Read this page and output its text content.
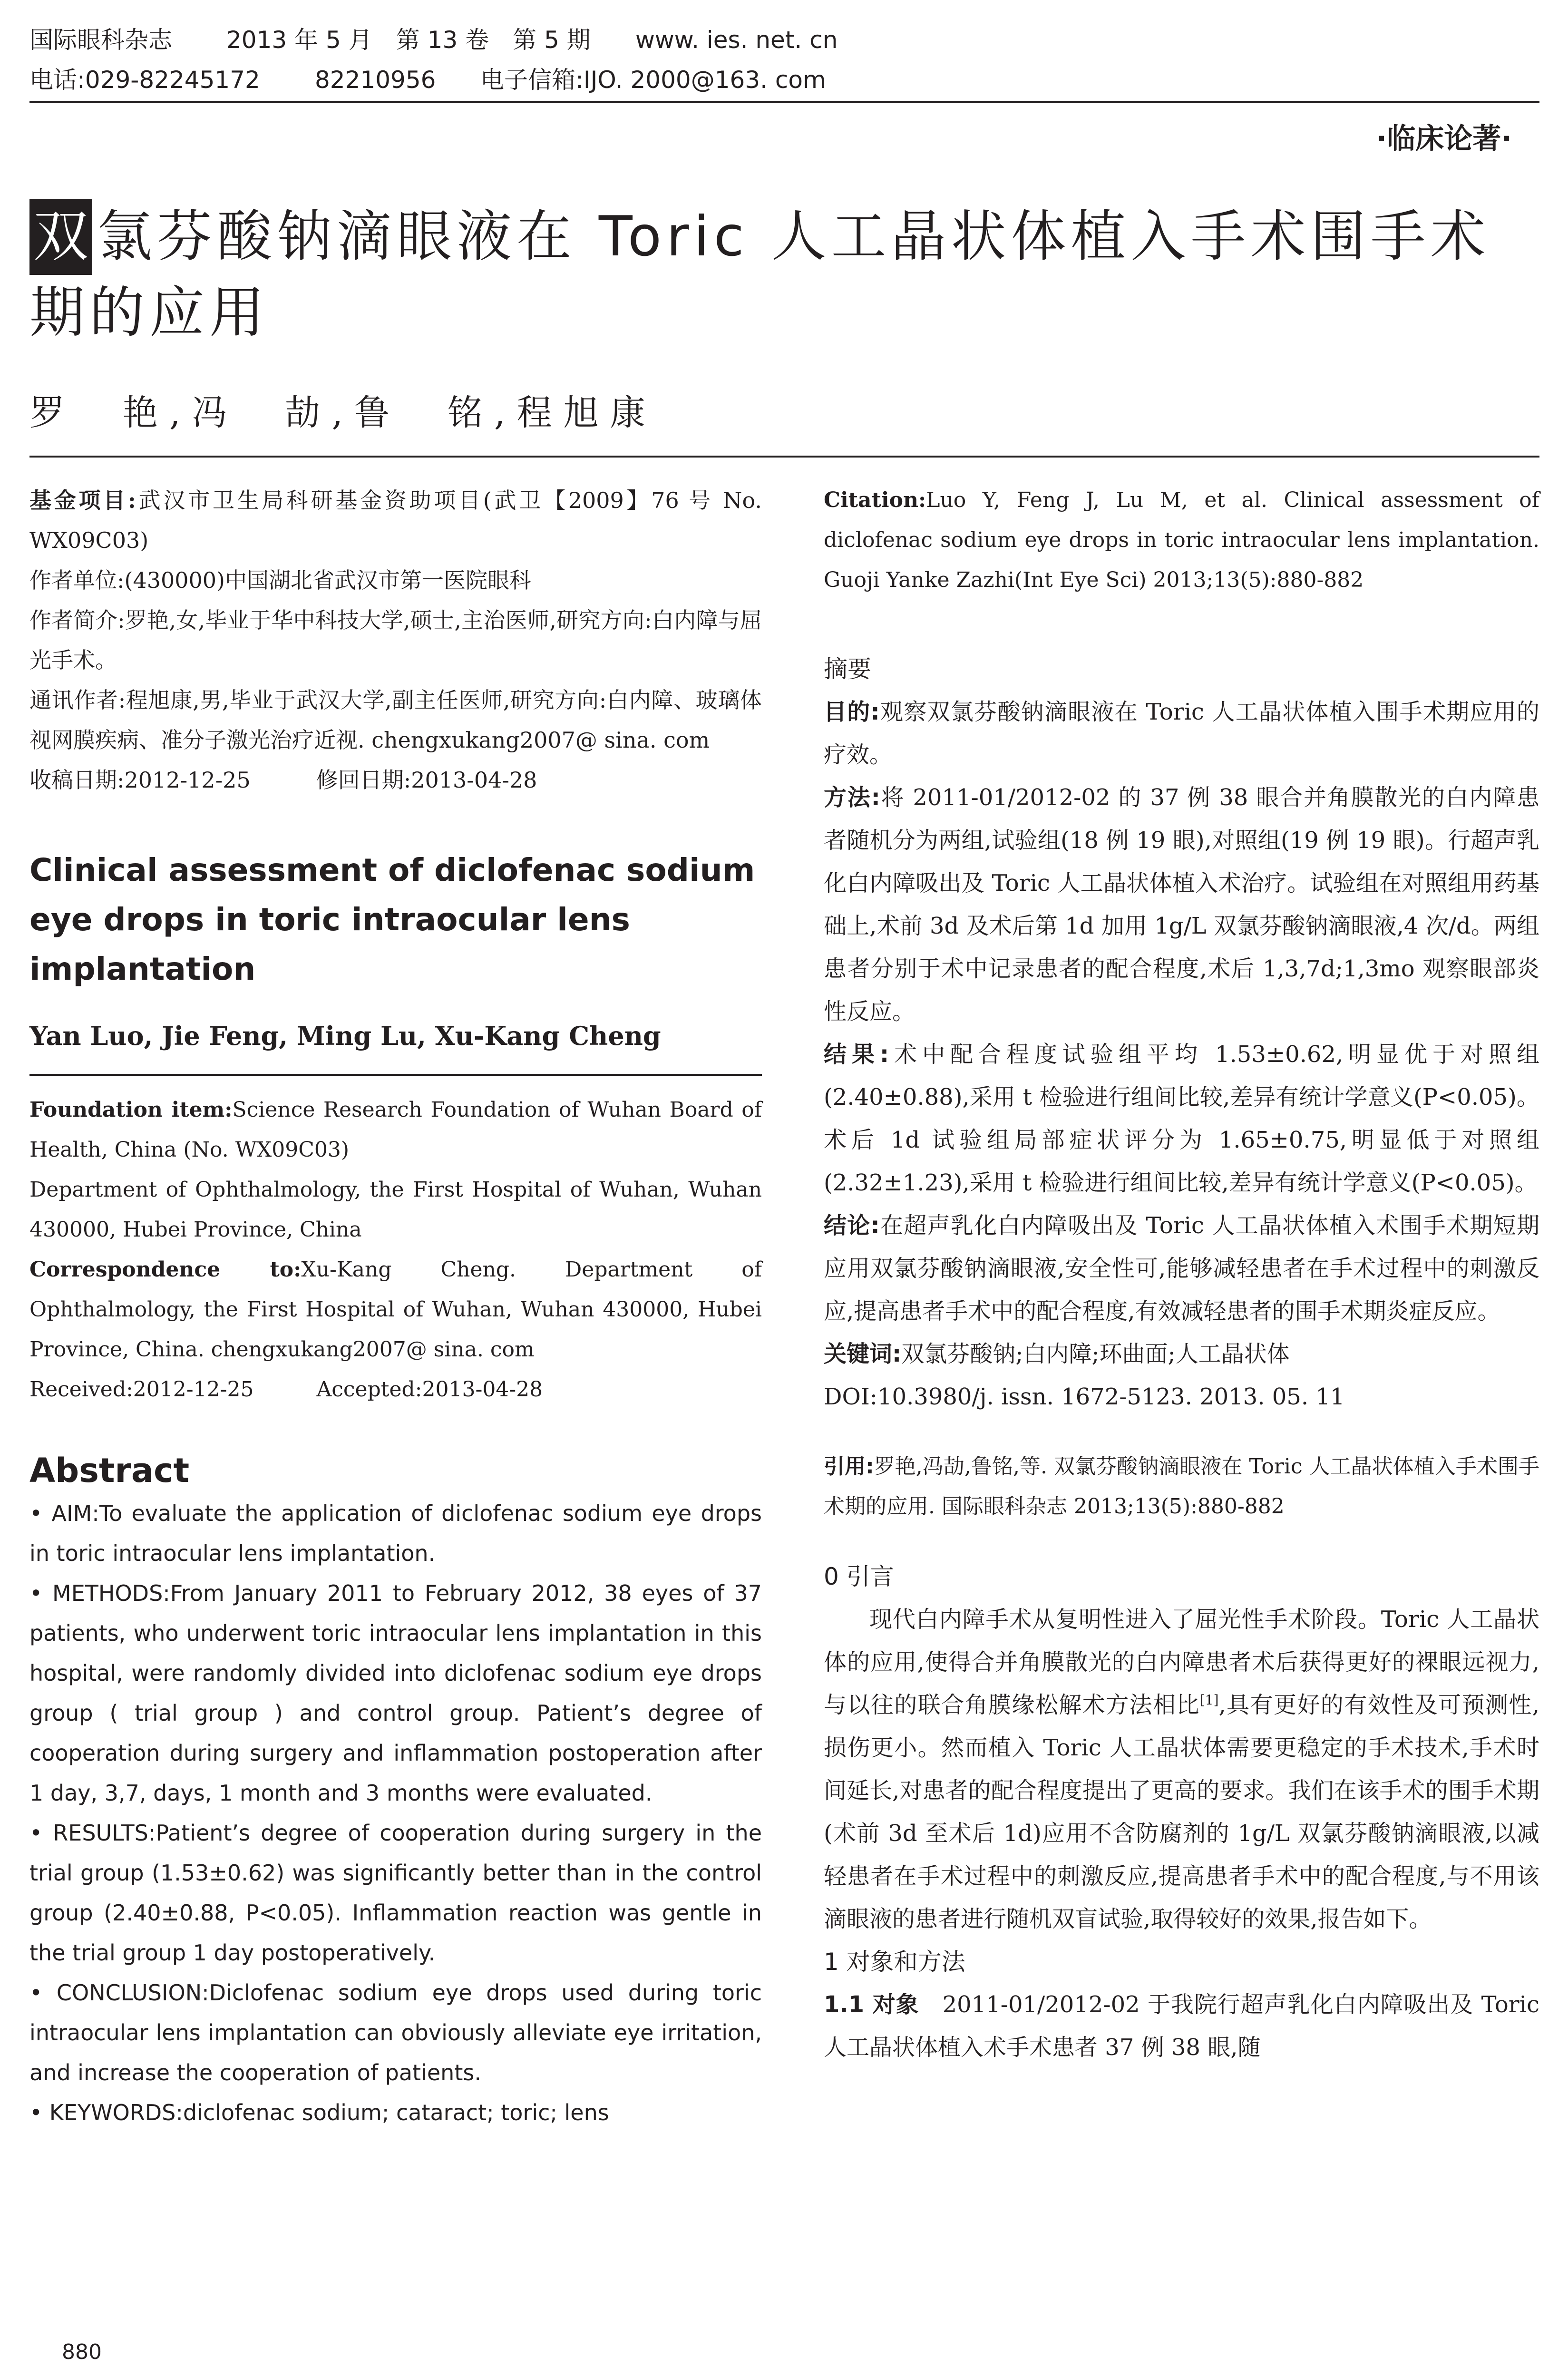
国际眼科杂志 2013 年 5 月　第 13 卷　第 5 期 www. ies. net. cn
电话:029-82245172 82210956 电子信箱:IJO. 2000@163. com
·临床论著·
双 氯芬酸钠滴眼液在 Toric 人工晶状体植入手术围手术
期的应用
罗　艳,冯　劼,鲁　铭,程旭康
基金项目:武汉市卫生局科研基金资助项目(武卫【2009】76 号 No. WX09C03)
作者单位:(430000)中国湖北省武汉市第一医院眼科
作者简介:罗艳,女,毕业于华中科技大学,硕士,主治医师,研究方向:白内障与屈光手术。
通讯作者:程旭康,男,毕业于武汉大学,副主任医师,研究方向:白内障、玻璃体视网膜疾病、准分子激光治疗近视. chengxukang2007@ sina. com
收稿日期:2012-12-25　　　修回日期:2013-04-28
Clinical assessment of diclofenac sodium eye drops in toric intraocular lens implantation
Yan Luo, Jie Feng, Ming Lu, Xu-Kang Cheng
Foundation item:Science Research Foundation of Wuhan Board of Health, China (No. WX09C03)
Department of Ophthalmology, the First Hospital of Wuhan, Wuhan 430000, Hubei Province, China
Correspondence to:Xu-Kang Cheng. Department of Ophthalmology, the First Hospital of Wuhan, Wuhan 430000, Hubei Province, China. chengxukang2007@ sina. com
Received:2012-12-25　　　Accepted:2013-04-28
Abstract
• AIM:To evaluate the application of diclofenac sodium eye drops in toric intraocular lens implantation.
• METHODS:From January 2011 to February 2012, 38 eyes of 37 patients, who underwent toric intraocular lens implantation in this hospital, were randomly divided into diclofenac sodium eye drops group ( trial group ) and control group. Patient’s degree of cooperation during surgery and inflammation postoperation after 1 day, 3,7, days, 1 month and 3 months were evaluated.
• RESULTS:Patient’s degree of cooperation during surgery in the trial group (1.53±0.62) was significantly better than in the control group (2.40±0.88, P<0.05). Inflammation reaction was gentle in the trial group 1 day postoperatively.
• CONCLUSION:Diclofenac sodium eye drops used during toric intraocular lens implantation can obviously alleviate eye irritation, and increase the cooperation of patients.
• KEYWORDS:diclofenac sodium; cataract; toric; lens
Citation:Luo Y, Feng J, Lu M, et al. Clinical assessment of diclofenac sodium eye drops in toric intraocular lens implantation. Guoji Yanke Zazhi(Int Eye Sci) 2013;13(5):880-882
摘要
目的:观察双氯芬酸钠滴眼液在 Toric 人工晶状体植入围手术期应用的疗效。
方法:将 2011-01/2012-02 的 37 例 38 眼合并角膜散光的白内障患者随机分为两组,试验组(18 例 19 眼),对照组(19 例 19 眼)。行超声乳化白内障吸出及 Toric 人工晶状体植入术治疗。试验组在对照组用药基础上,术前 3d 及术后第 1d 加用 1g/L 双氯芬酸钠滴眼液,4 次/d。两组患者分别于术中记录患者的配合程度,术后 1,3,7d;1,3mo 观察眼部炎性反应。
结果:术中配合程度试验组平均 1.53±0.62,明显优于对照组(2.40±0.88),采用 t 检验进行组间比较,差异有统计学意义(P<0.05)。术后 1d 试验组局部症状评分为 1.65±0.75,明显低于对照组(2.32±1.23),采用 t 检验进行组间比较,差异有统计学意义(P<0.05)。
结论:在超声乳化白内障吸出及 Toric 人工晶状体植入术围手术期短期应用双氯芬酸钠滴眼液,安全性可,能够减轻患者在手术过程中的刺激反应,提高患者手术中的配合程度,有效减轻患者的围手术期炎症反应。
关键词:双氯芬酸钠;白内障;环曲面;人工晶状体
DOI:10.3980/j. issn. 1672-5123. 2013. 05. 11
引用:罗艳,冯劼,鲁铭,等. 双氯芬酸钠滴眼液在 Toric 人工晶状体植入手术围手术期的应用. 国际眼科杂志 2013;13(5):880-882
0 引言
现代白内障手术从复明性进入了屈光性手术阶段。Toric 人工晶状体的应用,使得合并角膜散光的白内障患者术后获得更好的裸眼远视力,与以往的联合角膜缘松解术方法相比[1],具有更好的有效性及可预测性,损伤更小。然而植入 Toric 人工晶状体需要更稳定的手术技术,手术时间延长,对患者的配合程度提出了更高的要求。我们在该手术的围手术期(术前 3d 至术后 1d)应用不含防腐剂的 1g/L 双氯芬酸钠滴眼液,以减轻患者在手术过程中的刺激反应,提高患者手术中的配合程度,与不用该滴眼液的患者进行随机双盲试验,取得较好的效果,报告如下。
1 对象和方法
1.1 对象　2011-01/2012-02 于我院行超声乳化白内障吸出及 Toric 人工晶状体植入术手术患者 37 例 38 眼,随
880
